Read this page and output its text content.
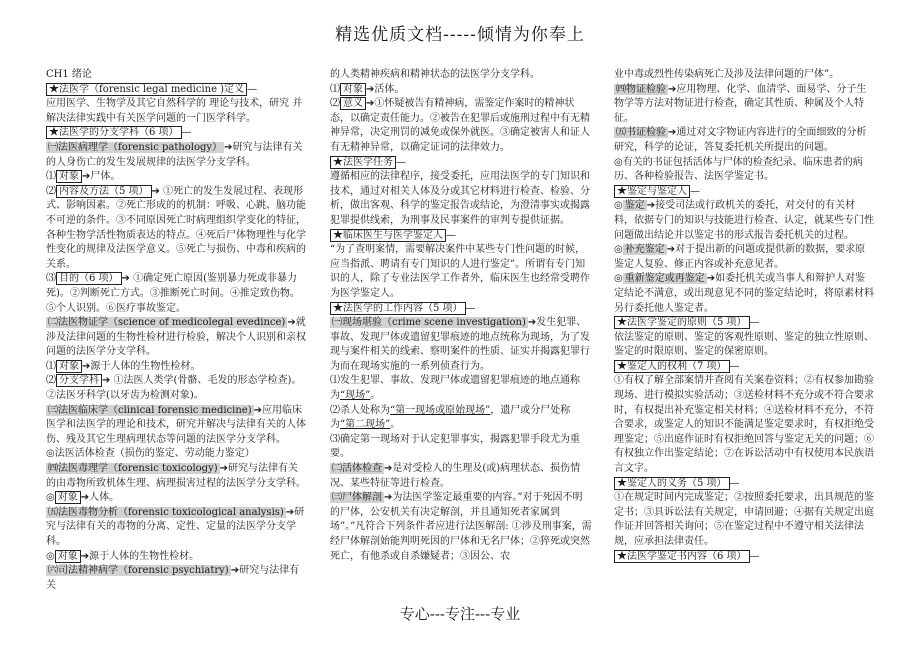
精选优质文档-----倾情为你奉上

CH1 绪论

★法医学（forensic legal medicine )定义 —

应用医学、生物学及其它自然科学的 理论与技术，研究 并解决法律实践中有关医学问题的一门医学科学。

★法医学的分支学科（6 项） —

㈠法医病理学（forensic pathology） ➔研究与法律有关的人身伤亡的发生发展规律的法医学分支学科。

⑴ 对象 ➔尸体。

⑵ 内容及方法（5 项） ➔ ①死亡的发生发展过程、表现形式、影响因素。②死亡形成的的机制：呼吸、心跳、脑功能不可逆的条件。③不同原因死亡时病理组织学变化的特征，各种生物学活性物质表达的特点。④死后尸体物理性与化学性变化的规律及法医学意义。⑤死亡与损伤、中毒和疾病的关系。

⑶ 目的（6 项） ➔ ①确定死亡原因(鉴别暴力死或非暴力死)。②判断死亡方式。③推断死亡时间。④推定致伤物。⑤个人识别。⑥医疗事故鉴定。

㈡法医物证学（science of medicolegal evedince) ➔就涉及法律问题的生物性检材进行检验，解决个人识别和亲权问题的法医学分支学科。

⑴ 对象 ➔源于人体的生物性检材。

⑵ 分支学科 ➔ ①法医人类学(骨骼、毛发的形态学检查)。②法医牙科学(以牙齿为检测对象)。

㈢法医临床学（clinical forensic medicine) ➔应用临床医学和法医学的理论和技术，研究并解决与法律有关的人体伤、残及其它生理病理状态等问题的法医学分支学科。

◎法医活体检查（损伤的鉴定、劳动能力鉴定）

㈣法医毒理学（forensic toxicology) ➔研究与法律有关的由毒物所致机体生理、病理损害过程的法医学分支学科。

◎ 对象 ➔人体。

㈤法医毒物分析（forensic toxicological analysis) ➔研究与法律有关的毒物的分离、定性、定量的法医学分支学科。

◎ 对象 ➔源于人体的生物性检材。

㈥司法精神病学（forensic psychiatry) ➔研究与法律有关

的人类精神疾病和精神状态的法医学分支学科。

⑴ 对象 ➔活体。

⑵ 意义 ➔①怀疑被告有精神病，需鉴定作案时的精神状态，以确定责任能力。②被告在犯罪后或施刑过程中有无精神异常，决定刑罚的减免或保外就医。③确定被害人和证人有无精神异常，以确定证词的法律效力。

★法医学任务 —

遵循相应的法律程序，接受委托，应用法医学的专门知识和技术，通过对相关人体及分或其它材料进行检查、检验、分析，做出客观、科学的鉴定报告或结论，为澄清事实或揭露犯罪提供线索，为刑事及民事案件的审判专提供证据。

★临床医生与医学鉴定人 —

“为了查明案情，需要解决案件中某些专门性问题的时候，应当指派、聘请有专门知识的人进行鉴定”。所谓有专门知识的人，除了专业法医学工作者外，临床医生也经常受聘作为医学鉴定人。

★法医学的工作内容（5 项） —

㈠现场堪验（crime scene investigation) ➔发生犯罪、事故、发现尸体或遗留犯罪痕迹的地点统称为现场，为了发现与案件相关的线索、察明案件的性质、证实并揭露犯罪行为而在现场实施的一系列侦查行为。

⑴发生犯罪、事故、发现尸体或遗留犯罪痕迹的地点通称为“现场”。

⑵杀人处称为“第一现场或原始现场”，遗尸或分尸处称为“第二现场”。

⑶确定第一现场对于认定犯罪事实，揭露犯罪手段尤为重要。

㈡活体检查 ➔是对受检人的生理及(或)病理状态、损伤情况、某些特征等进行检查。

㈢尸体解剖 ➔为法医学鉴定最重要的内容。”对于死因不明的尸体，公安机关有决定解剖，并且通知死者家属到场”。”凡符合下列条件者应进行法医解剖: ①涉及刑事案，需经尸体解剖始能判明死因的尸体和无名尸体；②猝死或突然死亡，有他杀或自杀嫌疑者；③因公、农

业中毒或烈性传染病死亡及涉及法律问题的尸体”。

㈣物证检验 ➔应用物理、化学、血清学、面易学、分子生物学等方法对物证进行检查，确定其性质、种属及个人特征。

㈤书证检验 ➔通过对文字物证内容进行的全面细致的分析研究，科学的论证，答复委托机关所提出的问题。

◎有关的书证包括活体与尸体的检查纪录、临床患者的病历、各种检验报告、法医学鉴定书。

★鉴定与鉴定人 —

◎ 鉴定 ➔接受司法或行政机关的委托，对交付的有关材料，依据专门的知识与技能进行检查、认定，就某些专门性问题做出结论并以鉴定书的形式报告委托机关的过程。

◎ 补充鉴定 ➔对于提出新的问题或提供新的数据，要求原鉴定人复验、修正内容或补充意见者。

◎ 重新鉴定或再鉴定 ➔如委托机关或当事人和辩护人对鉴定结论不满意，或出现意见不同的鉴定结论时，将原素材料另行委托他人鉴定者。

★法医学鉴定的原则（5 项） —

依法鉴定的原则、鉴定的客观性原则、鉴定的独立性原则、鉴定的时限原则、鉴定的保密原则。

★鉴定人的权利（7 项） —

①有权了解全部案情并查阅有关案卷资料；②有权参加勘验现场、进行模拟实验活动；③送检材料不充分或不符合要求时，有权提出补充鉴定相关材料；④送检材料不充分，不符合要求，或鉴定人的知识不能满足鉴定要求时，有权拒绝受理鉴定；⑤出庭作证时有权拒绝回答与鉴定无关的问题；⑥有权独立作出鉴定结论；⑦在诉讼活动中有权使用本民族语言文字。

★鉴定人的义务（5 项） —

①在规定时间内完成鉴定；②按照委托要求，出具规范的鉴定书；③具诉讼法有关规定，申请回避；④据有关规定出庭作证并回答相关询问；⑤在鉴定过程中不遵守相关法律法规，应承担法律责任。

★法医学鉴定书内容（6 项） —

专心---专注---专业
